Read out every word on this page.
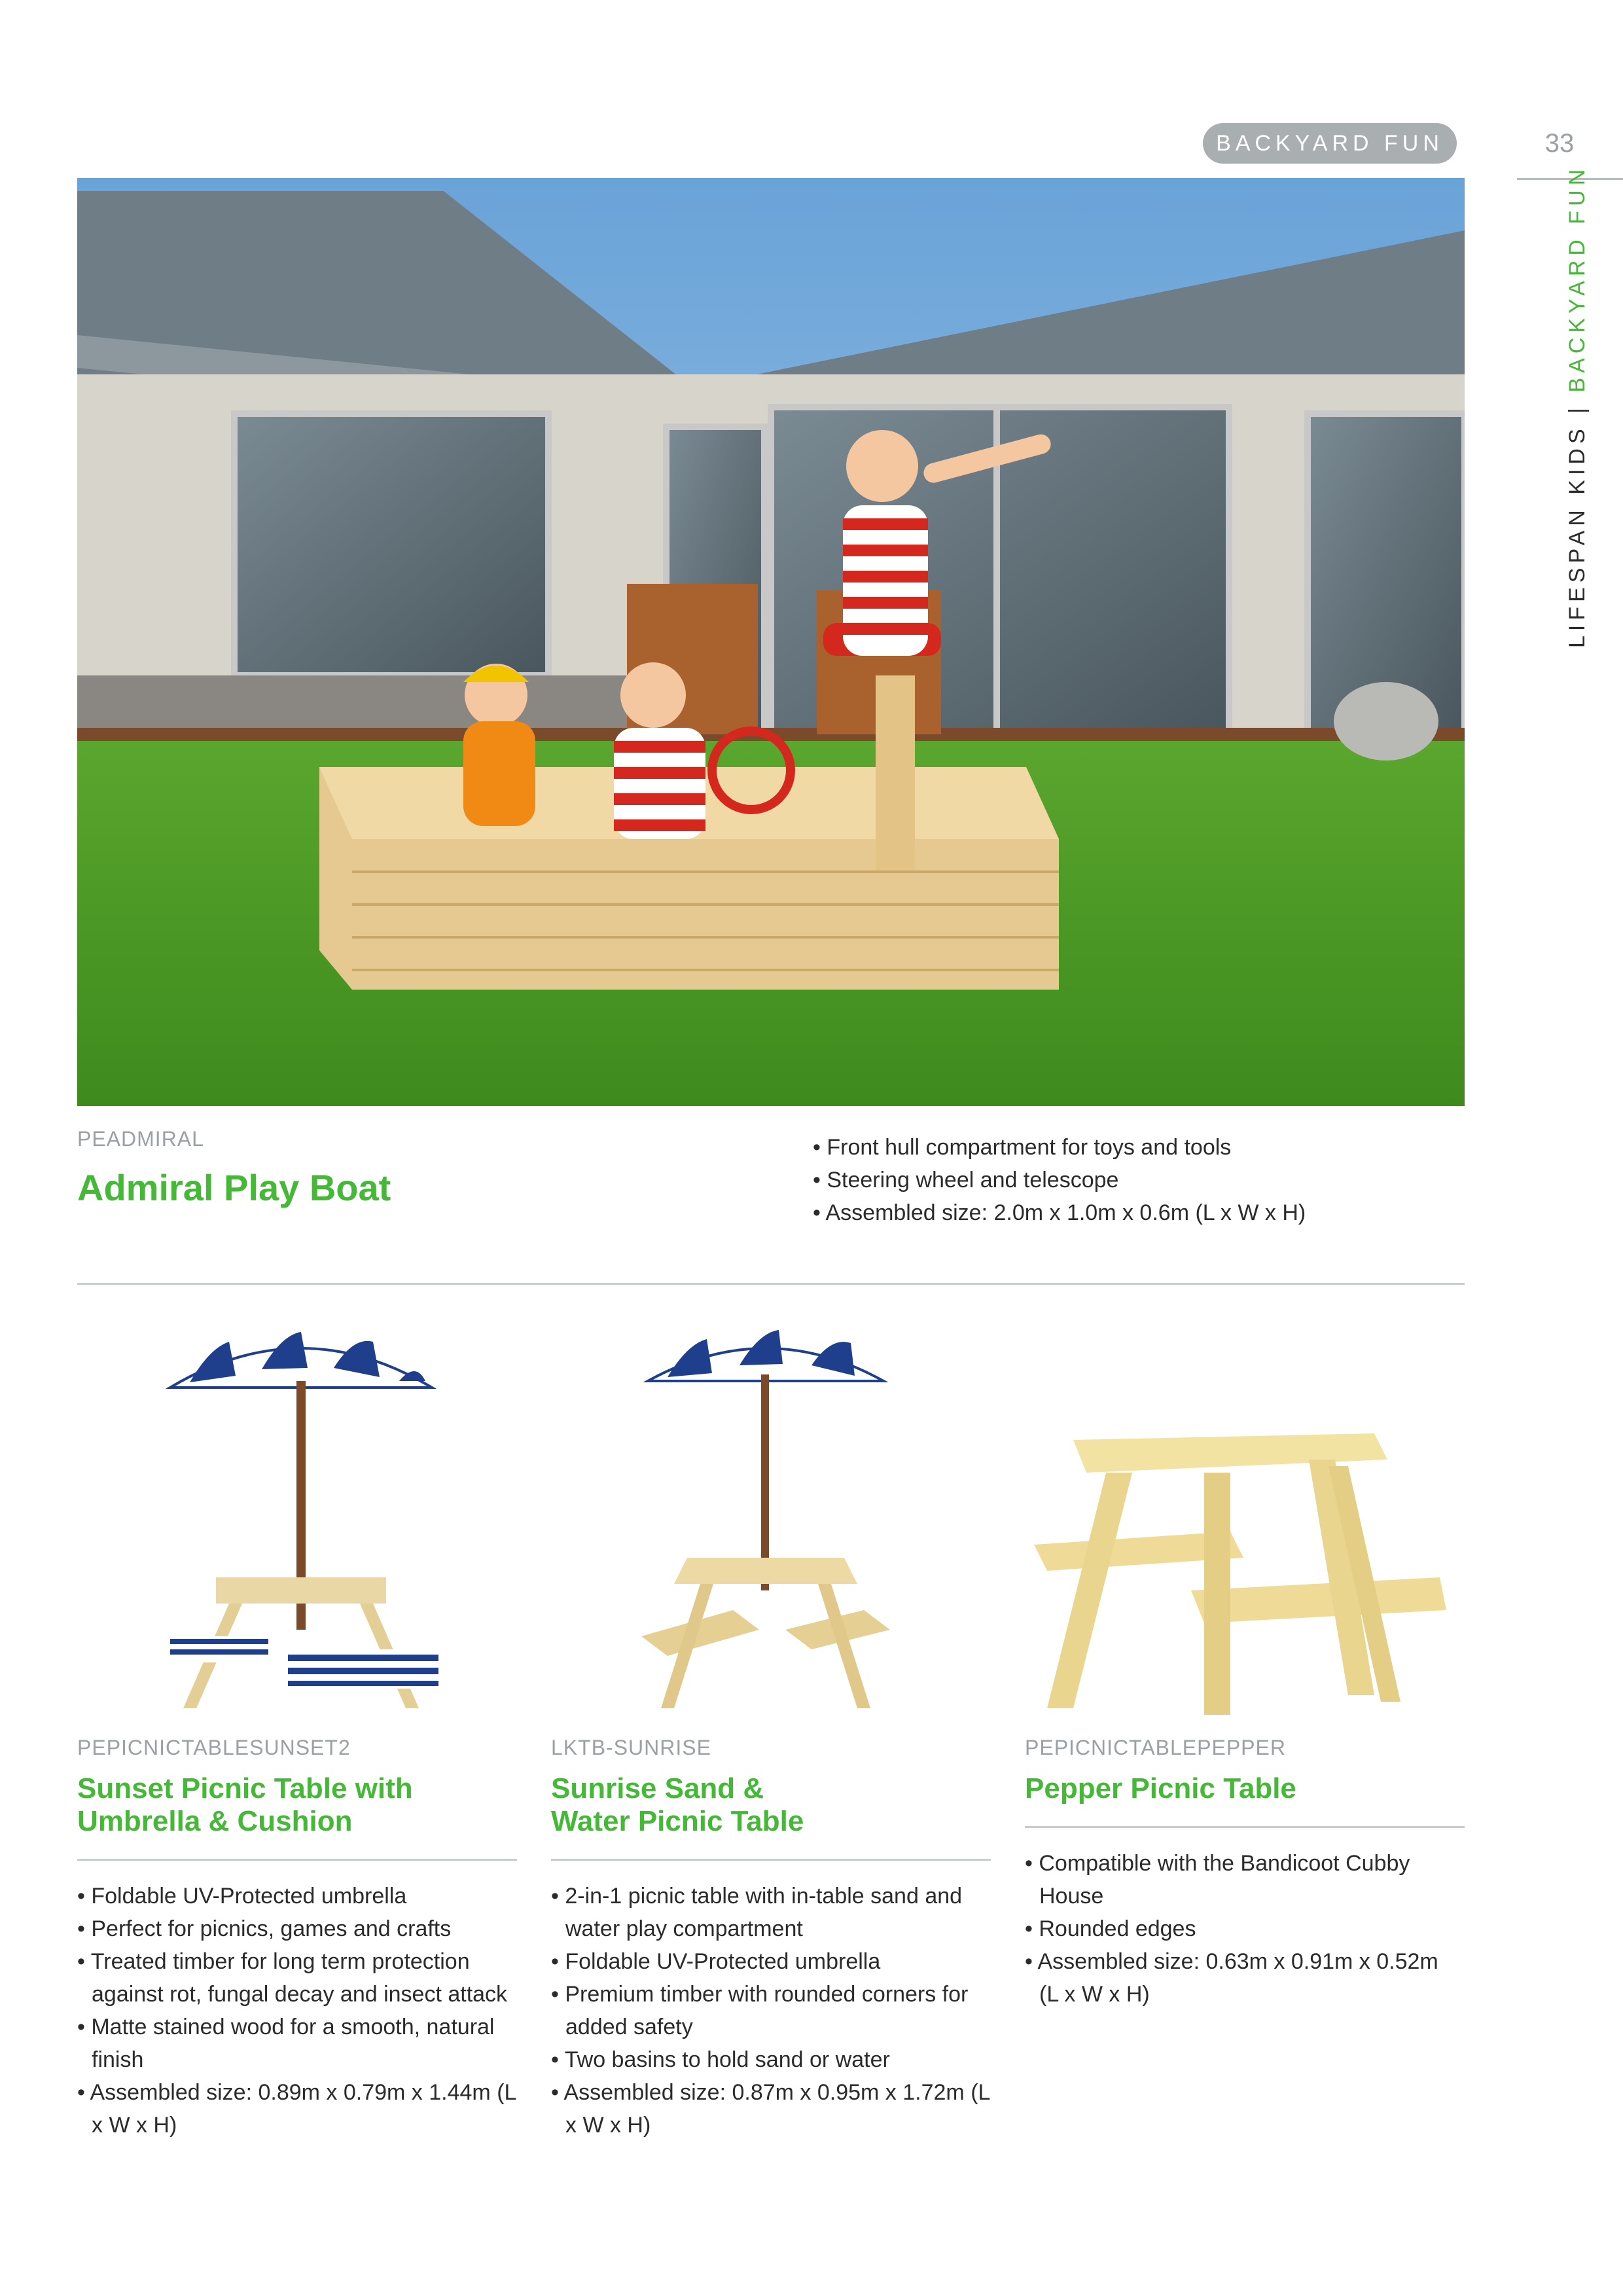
BACKYARD FUN	33
LIFESPAN KIDS | BACKYARD FUN
PEADMIRAL
Admiral Play Boat
• Front hull compartment for toys and tools
• Steering wheel and telescope
• Assembled size: 2.0m x 1.0m x 0.6m (L x W x H)
PEPICNICTABLESUNSET2
Sunset Picnic Table with
Umbrella & Cushion
• Foldable UV-Protected umbrella
• Perfect for picnics, games and crafts
• Treated timber for long term protection against rot, fungal decay and insect attack
• Matte stained wood for a smooth, natural finish
• Assembled size: 0.89m x 0.79m x 1.44m (L x W x H)
LKTB-SUNRISE
Sunrise Sand &
Water Picnic Table
• 2-in-1 picnic table with in-table sand and water play compartment
• Foldable UV-Protected umbrella
• Premium timber with rounded corners for added safety
• Two basins to hold sand or water
• Assembled size: 0.87m x 0.95m x 1.72m (L x W x H)
PEPICNICTABLEPEPPER
Pepper Picnic Table
• Compatible with the Bandicoot Cubby House
• Rounded edges
• Assembled size: 0.63m x 0.91m x 0.52m (L x W x H)
